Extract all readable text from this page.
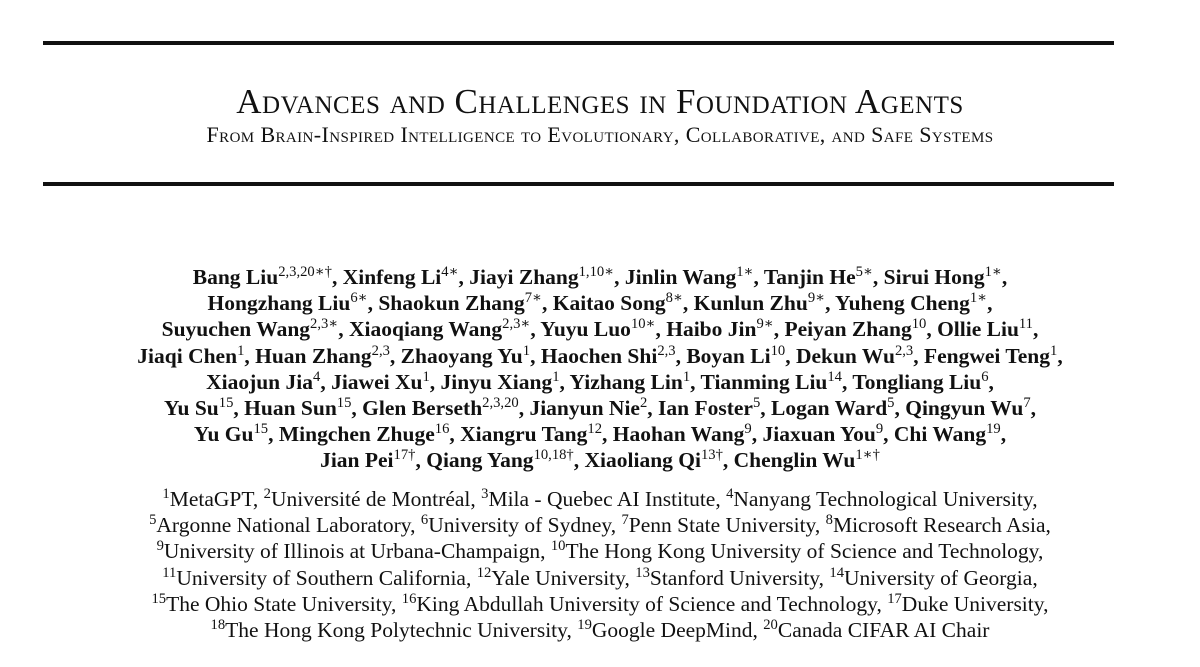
Advances and Challenges in Foundation Agents
From Brain-Inspired Intelligence to Evolutionary, Collaborative, and Safe Systems
Bang Liu$^{2,3,20∗\dagger}$, Xinfeng $Li^{4∗}$, Jiayi Zhang$^{1,10∗}$, Jinlin Wang$^{1∗}$, Tanjin $He^{5∗}$, Sirui Hong$^{1∗}$,
Hongzhang Liu$^{6∗}$, Shaokun Zhang$^{7∗}$, Kaitao Song$^{8∗}$, Kunlun Zhu$^{9∗}$, Yuheng Cheng$^{1∗}$,
Suyuchen Wang$^{2,3∗}$, Xiaoqiang Wang$^{2,3∗}$, Yuyu Luo$^{10∗}$, Haibo Jin$^{9∗}$, Peiyan Zhang$^{10}$, Ollie Liu$^{11}$,
Jiaqi Chen$^1$, Huan Zhang$^{2,3}$, Zhaoyang Yu$^1$, Haochen Shi$^{2,3}$, Boyan Li$^{10}$, Dekun Wu$^{2,3}$, Fengwei Teng$^1$,
Xiaojun Jia$^4$, Jiawei Xu$^1$, Jinyu Xiang$^1$, Yizhang Lin$^1$, Tianming Liu$^{14}$, Tongliang Liu$^6$,
Yu Su$^{15}$, Huan Sun$^{15}$, Glen Berseth$^{2,3,20}$, Jianyun Nie$^2$, Ian Foster$^5$, Logan Ward$^5$, Qingyun Wu$^7$,
Yu Gu$^{15}$, Mingchen Zhuge$^{16}$, Xiangru Tang$^{12}$, Haohan Wang$^9$, Jiaxuan You$^9$, Chi Wang$^{19}$,
Jian Pei$^{17\dagger}$, Qiang Yang$^{10,18\dagger}$, Xiaoliang $Qi^{13\dagger}$, Chenglin $Wu^{1∗\dagger}$
$^1$MetaGPT, $^2$Université de Montréal, $^3$Mila - Quebec AI Institute, $^4$Nanyang Technological University,
$^5$Argonne National Laboratory, $^6$University of Sydney, $^7$Penn State University, $^8$Microsoft Research Asia,
$^9$University of Illinois at Urbana-Champaign, $^{10}$The Hong Kong University of Science and Technology,
$^{11}$University of Southern California, $^{12}$Yale University, $^{13}$Stanford University, $^{14}$University of Georgia,
$^{15}$The Ohio State University, $^{16}$King Abdullah University of Science and Technology, $^{17}$Duke University,
$^{18}$The Hong Kong Polytechnic University, $^{19}$Google DeepMind, $^{20}$Canada CIFAR AI Chair
